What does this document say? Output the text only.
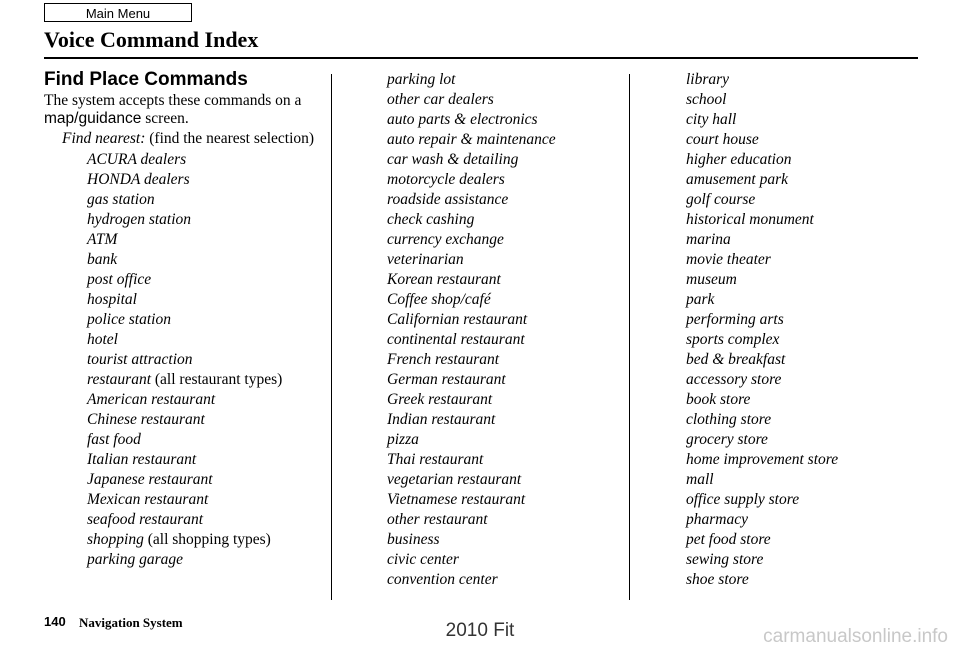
Main Menu
Voice Command Index
Find Place Commands
The system accepts these commands on a map/guidance screen.
Find nearest: (find the nearest selection)
ACURA dealers
HONDA dealers
gas station
hydrogen station
ATM
bank
post office
hospital
police station
hotel
tourist attraction
restaurant (all restaurant types)
American restaurant
Chinese restaurant
fast food
Italian restaurant
Japanese restaurant
Mexican restaurant
seafood restaurant
shopping (all shopping types)
parking garage
parking lot
other car dealers
auto parts & electronics
auto repair & maintenance
car wash & detailing
motorcycle dealers
roadside assistance
check cashing
currency exchange
veterinarian
Korean restaurant
Coffee shop/café
Californian restaurant
continental restaurant
French restaurant
German restaurant
Greek restaurant
Indian restaurant
pizza
Thai restaurant
vegetarian restaurant
Vietnamese restaurant
other restaurant
business
civic center
convention center
library
school
city hall
court house
higher education
amusement park
golf course
historical monument
marina
movie theater
museum
park
performing arts
sports complex
bed & breakfast
accessory store
book store
clothing store
grocery store
home improvement store
mall
office supply store
pharmacy
pet food store
sewing store
shoe store
140 Navigation System	2010 Fit	carmanualsonline.info
